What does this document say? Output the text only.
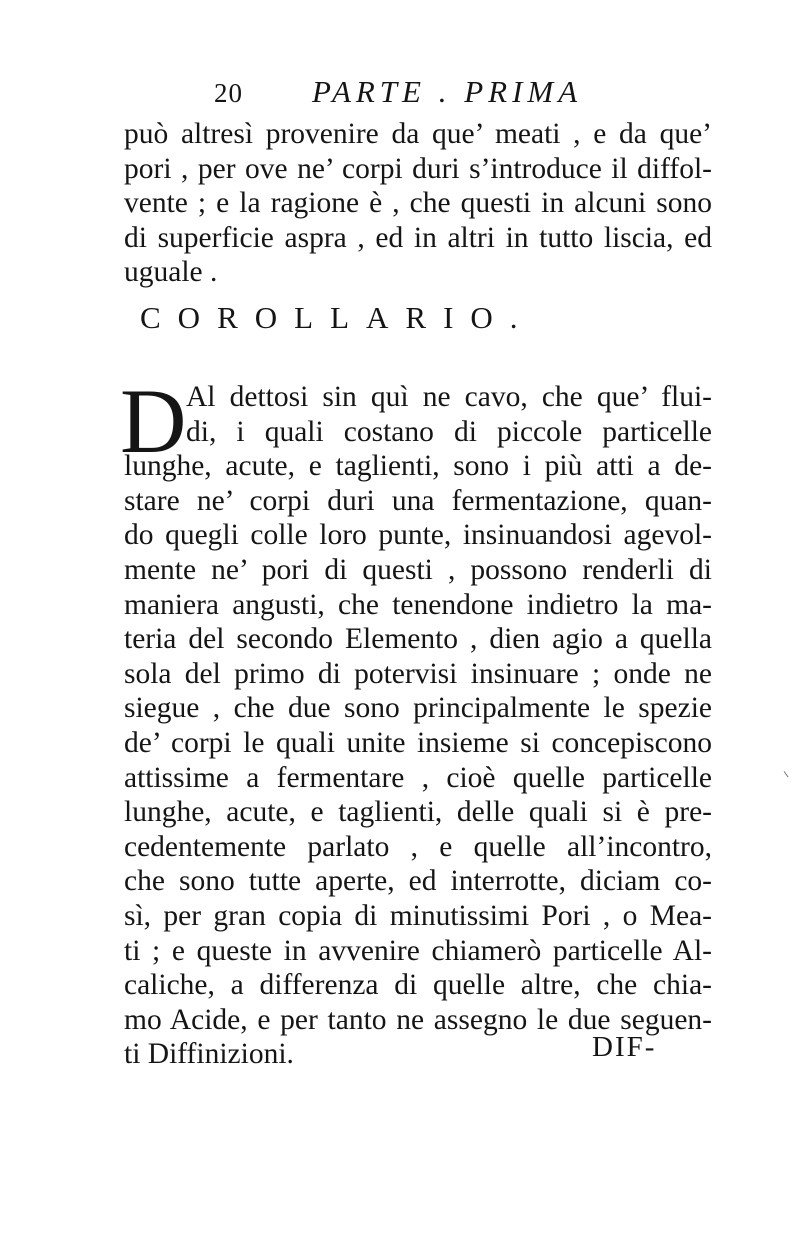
20 PARTE . PRIMA
può altresì provenire da que’ meati , e da que’
pori , per ove ne’ corpi duri s’introduce il diffol-
vente ; e la ragione è , che questi in alcuni sono
di superficie aspra , ed in altri in tutto liscia, ed
uguale .
COROLLARIO.
D Al dettosi sin quì ne cavo, che que’ flui-
di, i quali costano di piccole particelle
lunghe, acute, e taglienti, sono i più atti a de-
stare ne’ corpi duri una fermentazione, quan-
do quegli colle loro punte, insinuandosi agevol-
mente ne’ pori di questi , possono renderli di
maniera angusti, che tenendone indietro la ma-
teria del secondo Elemento , dien agio a quella
sola del primo di potervisi insinuare ; onde ne
siegue , che due sono principalmente le spezie
de’ corpi le quali unite insieme si concepiscono
attissime a fermentare , cioè quelle particelle
lunghe, acute, e taglienti, delle quali si è pre-
cedentemente parlato , e quelle all’incontro,
che sono tutte aperte, ed interrotte, diciam co-
sì, per gran copia di minutissimi Pori , o Mea-
ti ; e queste in avvenire chiamerò particelle Al-
caliche, a differenza di quelle altre, che chia-
mo Acide, e per tanto ne assegno le due seguen-
ti Diffinizioni.	DIF-
